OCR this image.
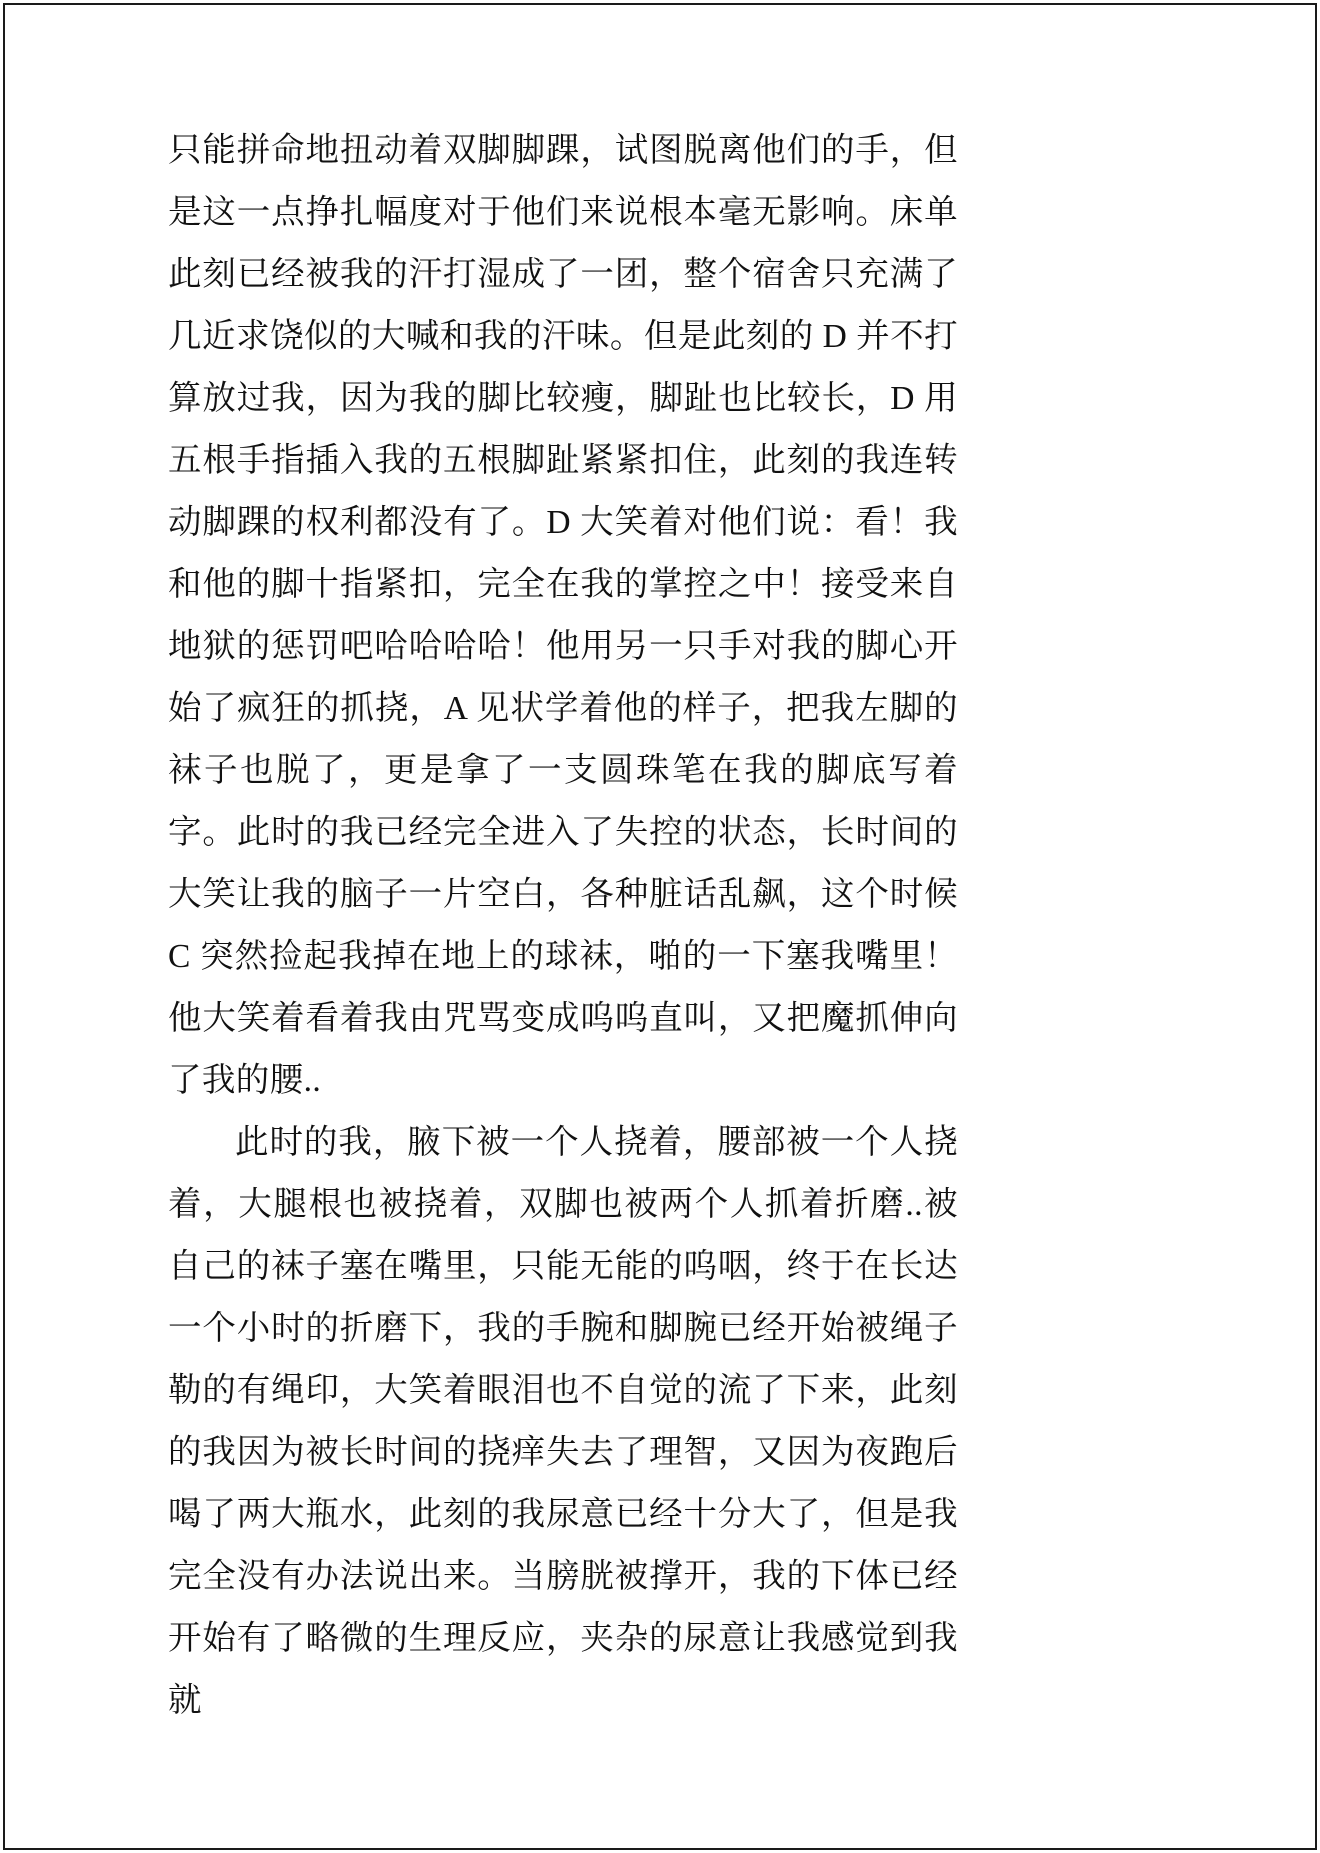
只能拼命地扭动着双脚脚踝，试图脱离他们的手，但是这一点挣扎幅度对于他们来说根本毫无影响。床单此刻已经被我的汗打湿成了一团，整个宿舍只充满了几近求饶似的大喊和我的汗味。但是此刻的 D 并不打算放过我，因为我的脚比较瘦，脚趾也比较长，D 用五根手指插入我的五根脚趾紧紧扣住，此刻的我连转动脚踝的权利都没有了。D 大笑着对他们说：看！我和他的脚十指紧扣，完全在我的掌控之中！接受来自地狱的惩罚吧哈哈哈哈！他用另一只手对我的脚心开始了疯狂的抓挠，A 见状学着他的样子，把我左脚的袜子也脱了，更是拿了一支圆珠笔在我的脚底写着字。此时的我已经完全进入了失控的状态，长时间的大笑让我的脑子一片空白，各种脏话乱飙，这个时候 C 突然捡起我掉在地上的球袜，啪的一下塞我嘴里！他大笑着看着我由咒骂变成呜呜直叫，又把魔抓伸向了我的腰..

此时的我，腋下被一个人挠着，腰部被一个人挠着，大腿根也被挠着，双脚也被两个人抓着折磨..被自己的袜子塞在嘴里，只能无能的呜咽，终于在长达一个小时的折磨下，我的手腕和脚腕已经开始被绳子勒的有绳印，大笑着眼泪也不自觉的流了下来，此刻的我因为被长时间的挠痒失去了理智，又因为夜跑后喝了两大瓶水，此刻的我尿意已经十分大了，但是我完全没有办法说出来。当膀胱被撑开，我的下体已经开始有了略微的生理反应，夹杂的尿意让我感觉到我就
